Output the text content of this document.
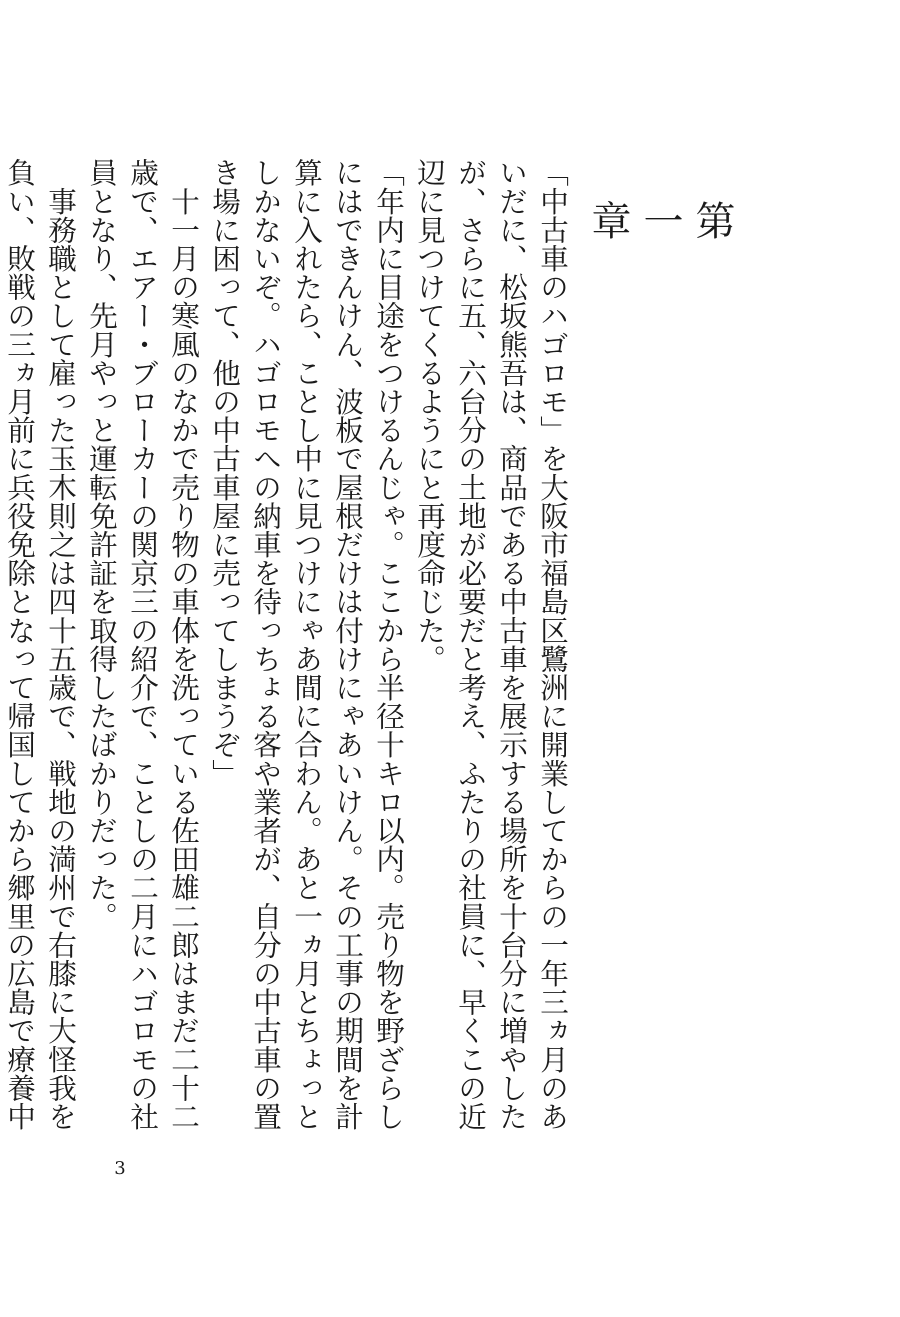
第一章

「中古車のハゴロモ」を大阪市福島区鷺洲に開業してからの一年三ヵ月のあいだに、松坂熊吾は、商品である中古車を展示する場所を十台分に増やしたが、さらに五、六台分の土地が必要だと考え、ふたりの社員に、早くこの近辺に見つけてくるようにと再度命じた。

「年内に目途をつけるんじゃ。ここから半径十キロ以内。売り物を野ざらしにはできんけん、波板で屋根だけは付けにゃあいけん。その工事の期間を計算に入れたら、ことし中に見つけにゃあ間に合わん。あと一ヵ月とちょっとしかないぞ。ハゴロモへの納車を待っちょる客や業者が、自分の中古車の置き場に困って、他の中古車屋に売ってしまうぞ」

　十一月の寒風のなかで売り物の車体を洗っている佐田雄二郎はまだ二十二歳で、エアー・ブローカーの関京三の紹介で、ことしの二月にハゴロモの社員となり、先月やっと運転免許証を取得したばかりだった。

　事務職として雇った玉木則之は四十五歳で、戦地の満州で右膝に大怪我を負い、敗戦の三ヵ月前に兵役免除となって帰国してから郷里の広島で療養中

3
